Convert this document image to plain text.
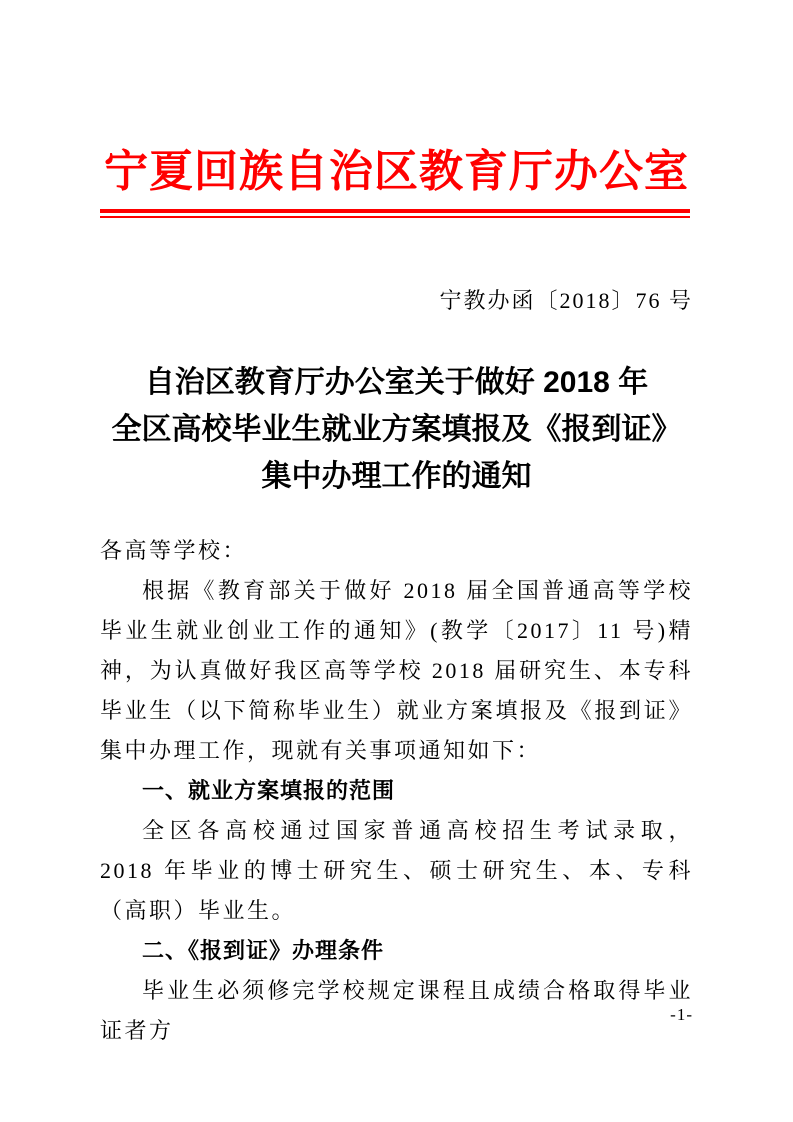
宁夏回族自治区教育厅办公室
宁教办函〔2018〕76 号
自治区教育厅办公室关于做好 2018 年
全区高校毕业生就业方案填报及《报到证》
集中办理工作的通知

各高等学校：

根据《教育部关于做好 2018 届全国普通高等学校毕业生就业创业工作的通知》(教学〔2017〕11 号)精神，为认真做好我区高等学校 2018 届研究生、本专科毕业生（以下简称毕业生）就业方案填报及《报到证》集中办理工作，现就有关事项通知如下：

一、就业方案填报的范围

全区各高校通过国家普通高校招生考试录取， 2018 年毕业的博士研究生、硕士研究生、本、专科（高职）毕业生。

二、《报到证》办理条件

毕业生必须修完学校规定课程且成绩合格取得毕业证者方

-1-
